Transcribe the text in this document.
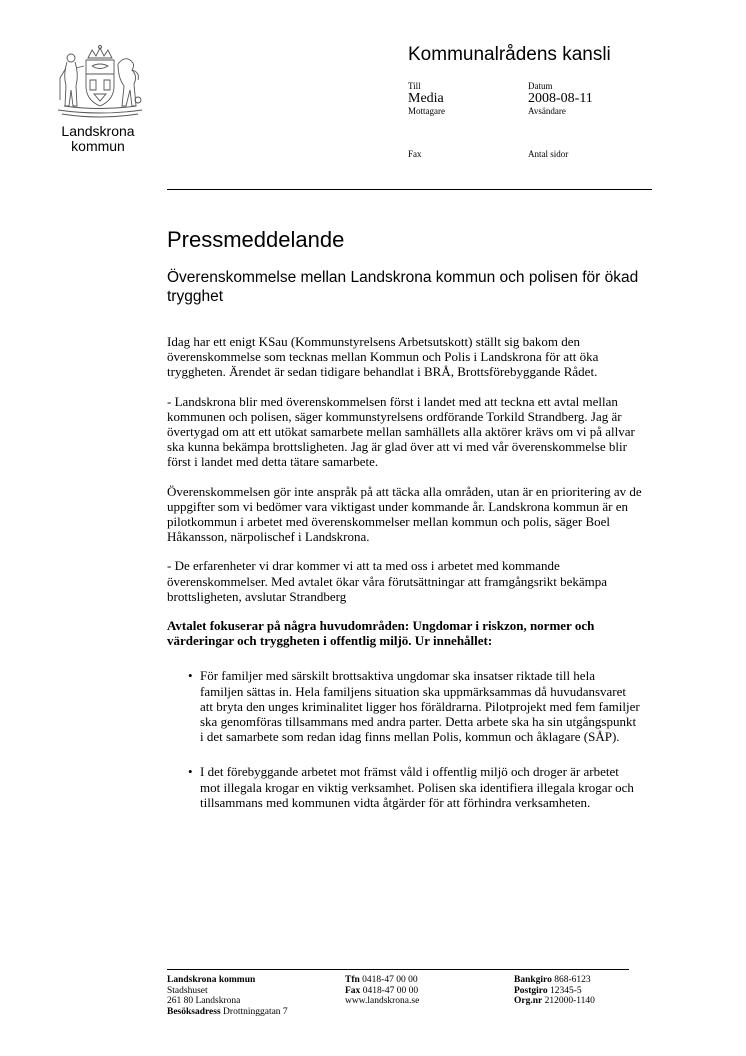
Landskrona
kommun
Kommunalrådens kansli
Till
Media
Mottagare
Fax
Datum
2008-08-11
Avsändare
Antal sidor
Pressmeddelande
Överenskommelse mellan Landskrona kommun och polisen för ökad trygghet

Idag har ett enigt KSau (Kommunstyrelsens Arbetsutskott) ställt sig bakom den överenskommelse som tecknas mellan Kommun och Polis i Landskrona för att öka tryggheten. Ärendet är sedan tidigare behandlat i BRÅ, Brottsförebyggande Rådet.

- Landskrona blir med överenskommelsen först i landet med att teckna ett avtal mellan kommunen och polisen, säger kommunstyrelsens ordförande Torkild Strandberg. Jag är övertygad om att ett utökat samarbete mellan samhällets alla aktörer krävs om vi på allvar ska kunna bekämpa brottsligheten. Jag är glad över att vi med vår överenskommelse blir först i landet med detta tätare samarbete.

Överenskommelsen gör inte anspråk på att täcka alla områden, utan är en prioritering av de uppgifter som vi bedömer vara viktigast under kommande år. Landskrona kommun är en pilotkommun i arbetet med överenskommelser mellan kommun och polis, säger Boel Håkansson, närpolischef i Landskrona.

- De erfarenheter vi drar kommer vi att ta med oss i arbetet med kommande överenskommelser. Med avtalet ökar våra förutsättningar att framgångsrikt bekämpa brottsligheten, avslutar Strandberg

Avtalet fokuserar på några huvudområden: Ungdomar i riskzon, normer och värderingar och tryggheten i offentlig miljö. Ur innehållet:

• För familjer med särskilt brottsaktiva ungdomar ska insatser riktade till hela familjen sättas in. Hela familjens situation ska uppmärksammas då huvudansvaret att bryta den unges kriminalitet ligger hos föräldrarna. Pilotprojekt med fem familjer ska genomföras tillsammans med andra parter. Detta arbete ska ha sin utgångspunkt i det samarbete som redan idag finns mellan Polis, kommun och åklagare (SÅP).
• I det förebyggande arbetet mot främst våld i offentlig miljö och droger är arbetet mot illegala krogar en viktig verksamhet. Polisen ska identifiera illegala krogar och tillsammans med kommunen vidta åtgärder för att förhindra verksamheten.
Landskrona kommun
Stadshuset
261 80 Landskrona
Besöksadress Drottninggatan 7
Tfn 0418-47 00 00
Fax 0418-47 00 00
www.landskrona.se
Bankgiro 868-6123
Postgiro 12345-5
Org.nr 212000-1140
